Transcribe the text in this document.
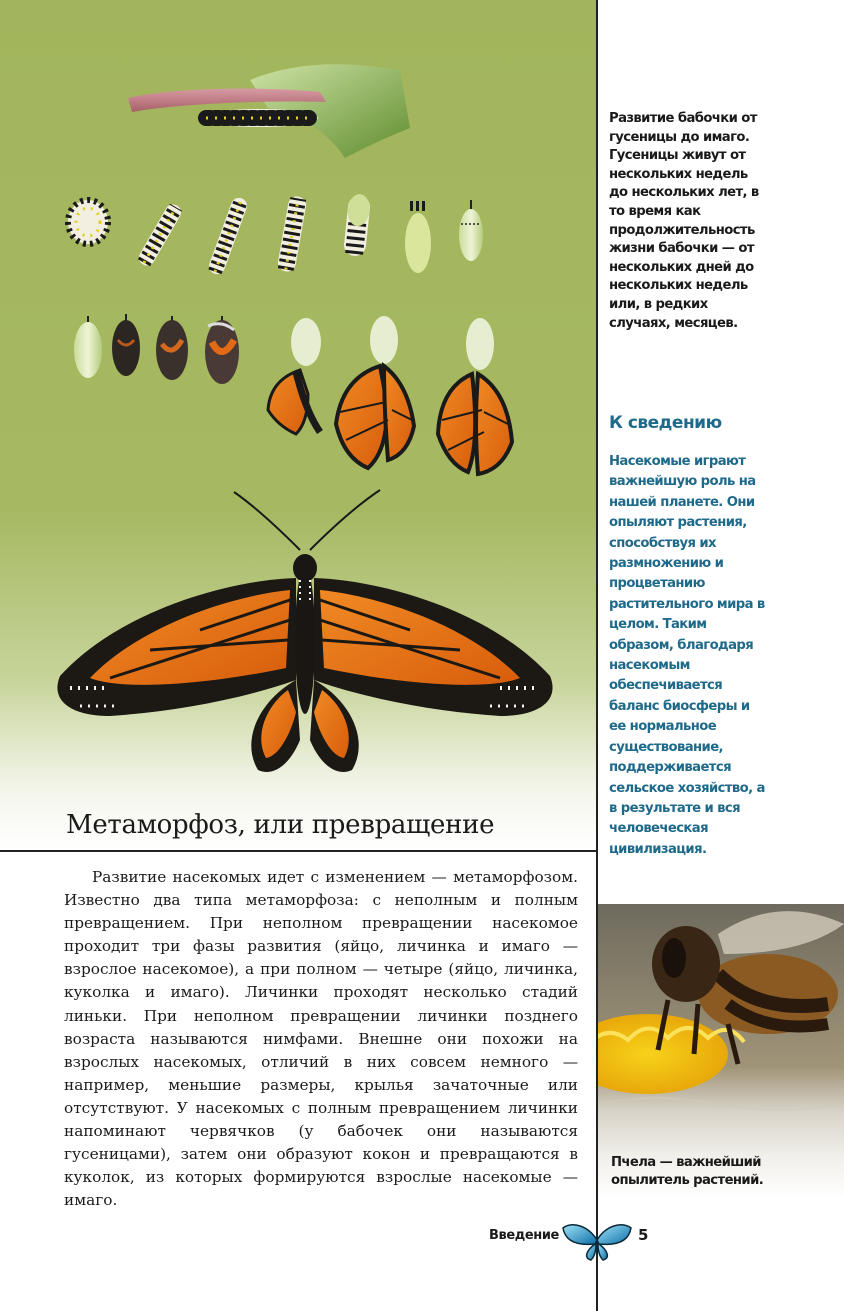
Метаморфоз, или превращение

Развитие насекомых идет с изменением — метаморфозом. Известно два типа метаморфоза: с неполным и полным превращением. При неполном превращении насекомое проходит три фазы развития (яйцо, личинка и имаго — взрослое насекомое), а при полном — четыре (яйцо, личинка, куколка и имаго). Личинки проходят несколько стадий линьки. При неполном превращении личинки позднего возраста называются нимфами. Внешне они похожи на взрослых насекомых, отличий в них совсем немного — например, меньшие размеры, крылья зачаточные или отсутствуют. У насекомых с полным превращением личинки напоминают червячков (у бабочек они называются гусеницами), затем они образуют кокон и превращаются в куколок, из которых формируются взрослые насекомые — имаго.

Развитие бабочки от гусеницы до имаго. Гусеницы живут от нескольких недель до нескольких лет, в то время как продолжительность жизни бабочки — от нескольких дней до нескольких недель или, в редких случаях, месяцев.

К сведению

Насекомые играют важнейшую роль на нашей планете. Они опыляют растения, способствуя их размножению и процветанию растительного мира в целом. Таким образом, благодаря насекомым обеспечивается баланс биосферы и ее нормальное существование, поддерживается сельское хозяйство, а в результате и вся человеческая цивилизация.

Пчела — важнейший опылитель растений.

Введение	5
